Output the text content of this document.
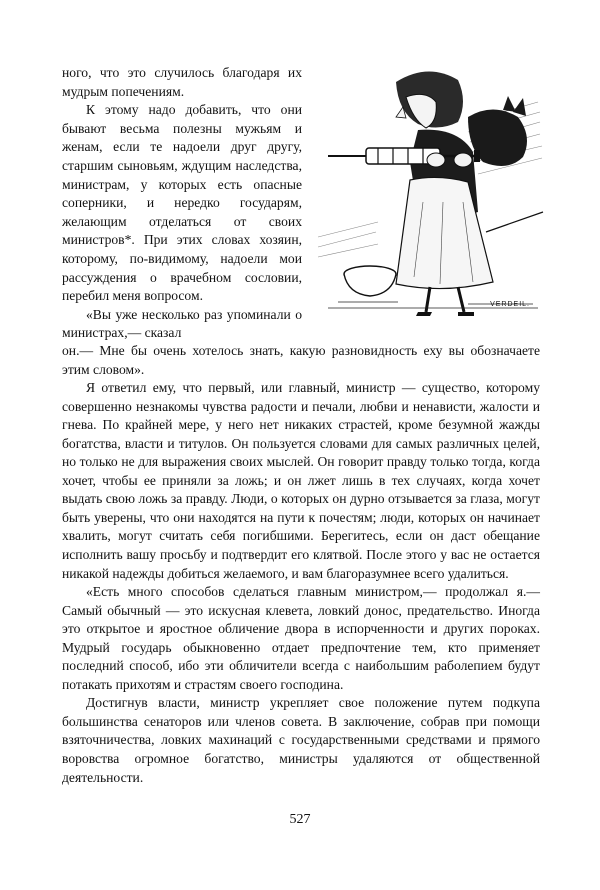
ного, что это случилось благодаря их мудрым попечениям.

К этому надо добавить, что они бывают весьма полезны мужьям и женам, если те надоели друг другу, старшим сыновьям, ждущим наследства, министрам, у которых есть опасные соперники, и нередко государям, желающим отделаться от своих министров*. При этих словах хозяин, которому, по-видимому, надоели мои рассуждения о врачебном сословии, перебил меня вопросом.

«Вы уже несколько раз упоминали о министрах,— сказал

VERDEIL.

он.— Мне бы очень хотелось знать, какую разновидность еху вы обозначаете этим словом».

Я ответил ему, что первый, или главный, министр — существо, которому совершенно незнакомы чувства радости и печали, любви и ненависти, жалости и гнева. По крайней мере, у него нет никаких страстей, кроме безумной жажды богатства, власти и титулов. Он пользуется словами для самых различных целей, но только не для выражения своих мыслей. Он говорит правду только тогда, когда хочет, чтобы ее приняли за ложь; и он лжет лишь в тех случаях, когда хочет выдать свою ложь за правду. Люди, о которых он дурно отзывается за глаза, могут быть уверены, что они находятся на пути к почестям; люди, которых он начинает хвалить, могут считать себя погибшими. Берегитесь, если он даст обещание исполнить вашу просьбу и подтвердит его клятвой. После этого у вас не остается никакой надежды добиться желаемого, и вам благоразумнее всего удалиться.

«Есть много способов сделаться главным министром,— продолжал я.— Самый обычный — это искусная клевета, ловкий донос, предательство. Иногда это открытое и яростное обличение двора в испорченности и других пороках. Мудрый государь обыкновенно отдает предпочтение тем, кто применяет последний способ, ибо эти обличители всегда с наибольшим раболепием будут потакать прихотям и страстям своего господина.

Достигнув власти, министр укрепляет свое положение путем подкупа большинства сенаторов или членов совета. В заключение, собрав при помощи взяточничества, ловких махинаций с государственными средствами и прямого воровства огромное богатство, министры удаляются от общественной деятельности.

527
